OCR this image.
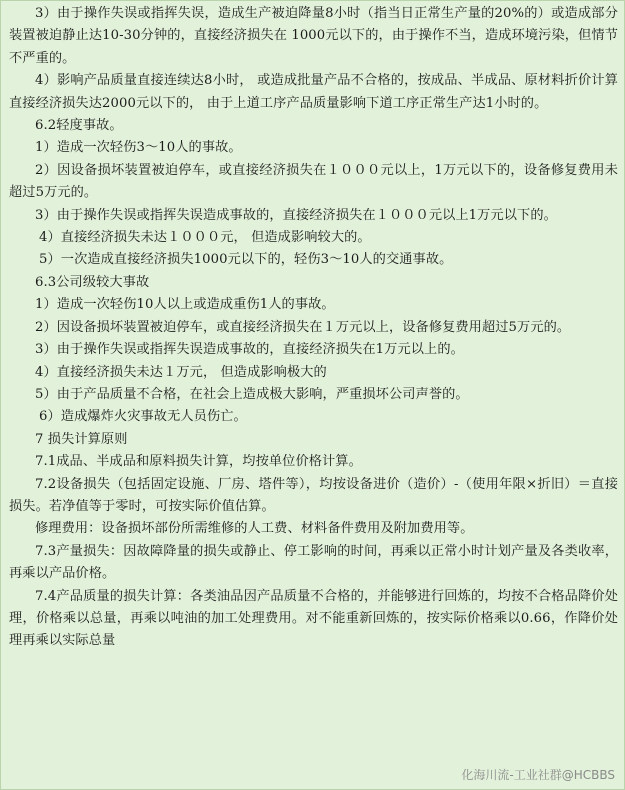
3）由于操作失误或指挥失误，造成生产被迫降量8小时（指当日正常生产量的20%的）或造成部分装置被迫静止达10-30分钟的，直接经济损失在 1000元以下的，由于操作不当，造成环境污染，但情节不严重的。

4）影响产品质量直接连续达8小时， 或造成批量产品不合格的，按成品、半成品、原材料折价计算直接经济损失达2000元以下的， 由于上道工序产品质量影响下道工序正常生产达1小时的。

6.2轻度事故。

1）造成一次轻伤3～10人的事故。

2）因设备损坏装置被迫停车，或直接经济损失在１０００元以上，1万元以下的，设备修复费用未超过5万元的。

3）由于操作失误或指挥失误造成事故的，直接经济损失在１０００元以上1万元以下的。

4）直接经济损失未达１０００元， 但造成影响较大的。

5）一次造成直接经济损失1000元以下的，轻伤3～10人的交通事故。

6.3公司级较大事故

1）造成一次轻伤10人以上或造成重伤1人的事故。

2）因设备损坏装置被迫停车，或直接经济损失在１万元以上，设备修复费用超过5万元的。

3）由于操作失误或指挥失误造成事故的，直接经济损失在1万元以上的。

4）直接经济损失未达１万元， 但造成影响极大的

5）由于产品质量不合格，在社会上造成极大影响，严重损坏公司声誉的。

6）造成爆炸火灾事故无人员伤亡。

7 损失计算原则

7.1成品、半成品和原料损失计算，均按单位价格计算。

7.2设备损失（包括固定设施、厂房、塔件等），均按设备进价（造价）-（使用年限×折旧）＝直接损失。若净值等于零时，可按实际价值估算。

修理费用：设备损坏部份所需维修的人工费、材料备件费用及附加费用等。

7.3产量损失：因故障降量的损失或静止、停工影响的时间，再乘以正常小时计划产量及各类收率，再乘以产品价格。

7.4产品质量的损失计算：各类油品因产品质量不合格的，并能够进行回炼的，均按不合格品降价处理，价格乘以总量，再乘以吨油的加工处理费用。对不能重新回炼的，按实际价格乘以0.66，作降价处理再乘以实际总量

化海川流-工业社群@HCBBS
